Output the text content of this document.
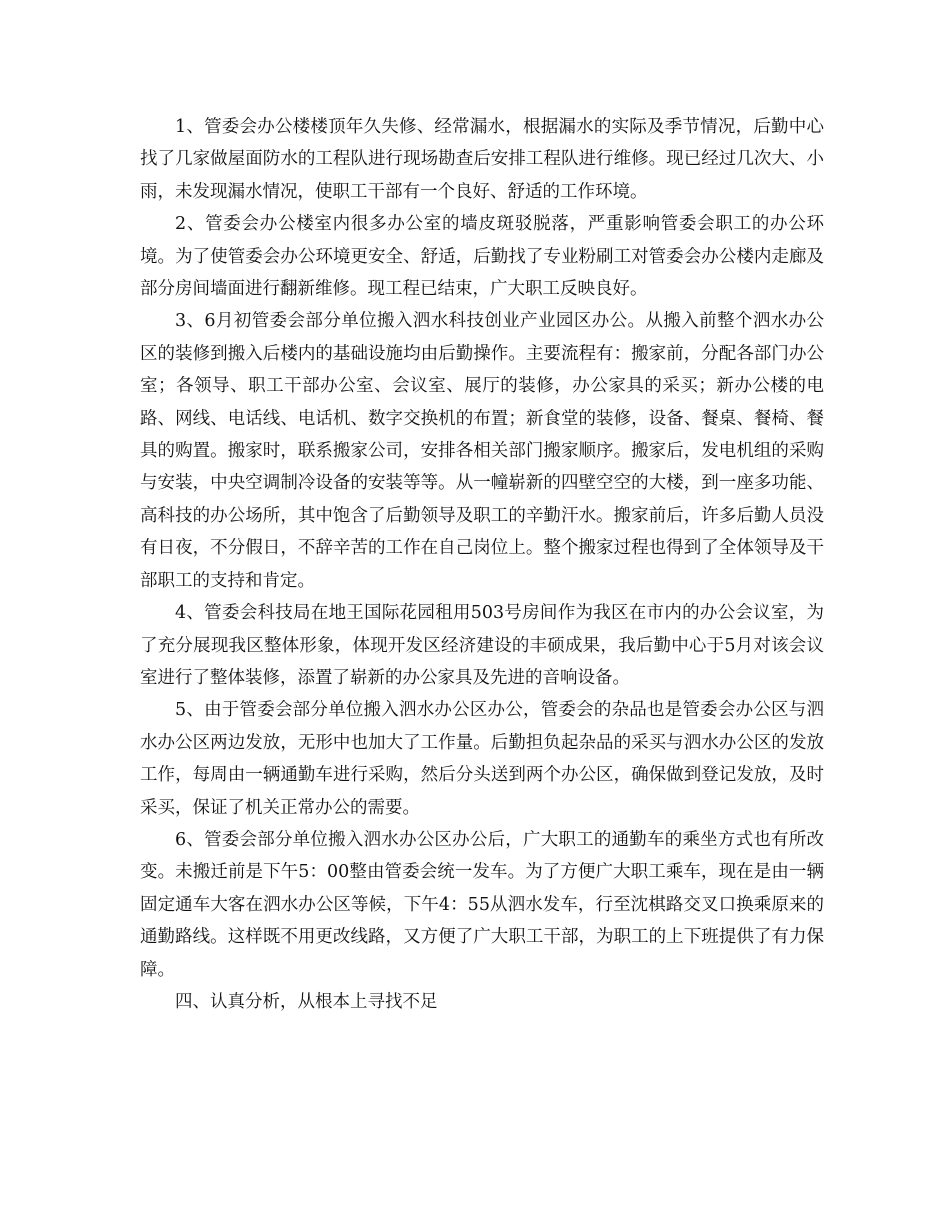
1、管委会办公楼楼顶年久失修、经常漏水，根据漏水的实际及季节情况，后勤中心找了几家做屋面防水的工程队进行现场勘查后安排工程队进行维修。现已经过几次大、小雨，未发现漏水情况，使职工干部有一个良好、舒适的工作环境。

2、管委会办公楼室内很多办公室的墙皮斑驳脱落，严重影响管委会职工的办公环境。为了使管委会办公环境更安全、舒适，后勤找了专业粉刷工对管委会办公楼内走廊及部分房间墙面进行翻新维修。现工程已结束，广大职工反映良好。

3、6月初管委会部分单位搬入泗水科技创业产业园区办公。从搬入前整个泗水办公区的装修到搬入后楼内的基础设施均由后勤操作。主要流程有：搬家前，分配各部门办公室；各领导、职工干部办公室、会议室、展厅的装修，办公家具的采买；新办公楼的电路、网线、电话线、电话机、数字交换机的布置；新食堂的装修，设备、餐桌、餐椅、餐具的购置。搬家时，联系搬家公司，安排各相关部门搬家顺序。搬家后，发电机组的采购与安装，中央空调制冷设备的安装等等。从一幢崭新的四壁空空的大楼，到一座多功能、高科技的办公场所，其中饱含了后勤领导及职工的辛勤汗水。搬家前后，许多后勤人员没有日夜，不分假日，不辞辛苦的工作在自己岗位上。整个搬家过程也得到了全体领导及干部职工的支持和肯定。

4、管委会科技局在地王国际花园租用503号房间作为我区在市内的办公会议室，为了充分展现我区整体形象，体现开发区经济建设的丰硕成果，我后勤中心于5月对该会议室进行了整体装修，添置了崭新的办公家具及先进的音响设备。

5、由于管委会部分单位搬入泗水办公区办公，管委会的杂品也是管委会办公区与泗水办公区两边发放，无形中也加大了工作量。后勤担负起杂品的采买与泗水办公区的发放工作，每周由一辆通勤车进行采购，然后分头送到两个办公区，确保做到登记发放，及时采买，保证了机关正常办公的需要。

6、管委会部分单位搬入泗水办公区办公后，广大职工的通勤车的乘坐方式也有所改变。未搬迁前是下午5：00整由管委会统一发车。为了方便广大职工乘车，现在是由一辆固定通车大客在泗水办公区等候，下午4：55从泗水发车，行至沈棋路交叉口换乘原来的通勤路线。这样既不用更改线路，又方便了广大职工干部，为职工的上下班提供了有力保障。

四、认真分析，从根本上寻找不足
